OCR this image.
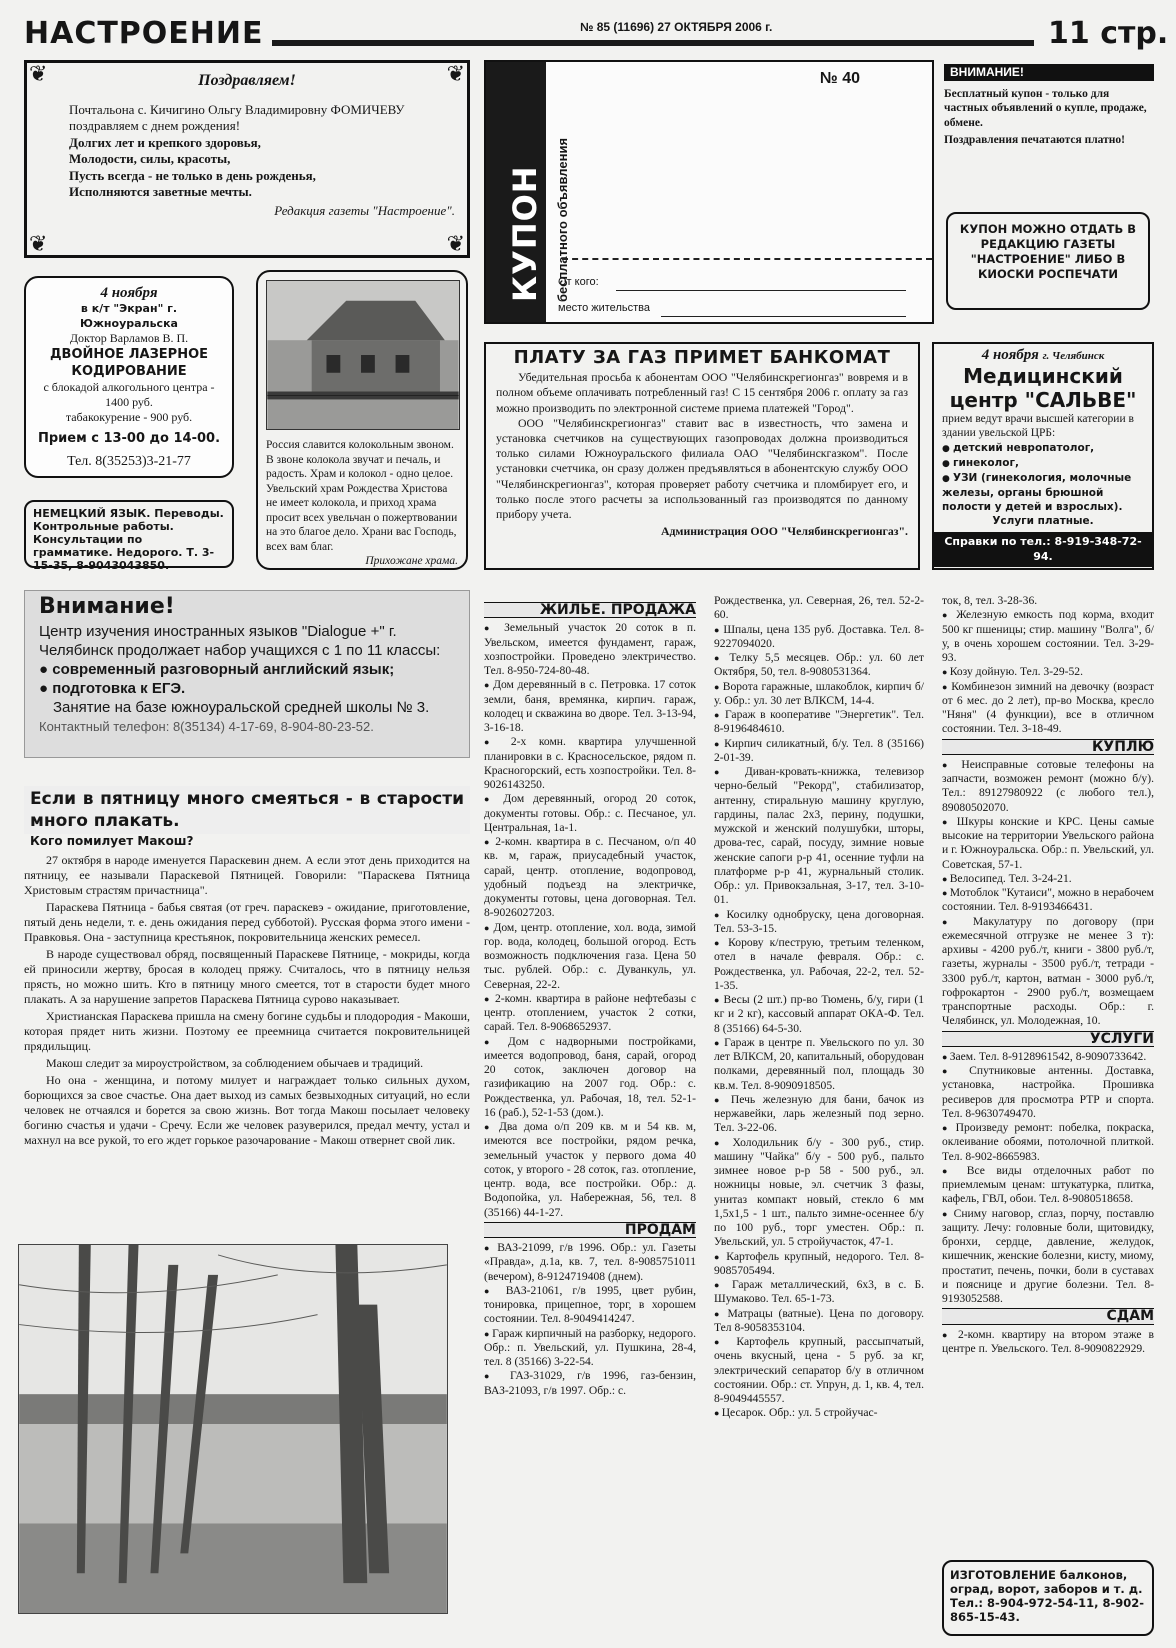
НАСТРОЕНИЕ	№ 85 (11696) 27 ОКТЯБРЯ 2006 г.	11 стр.
❦	❦
❦	❦
Поздравляем!
Почтальона с. Кичигино Ольгу Владимировну ФОМИЧЕВУ
поздравляем с днем рождения!
Долгих лет и крепкого здоровья,
Молодости, силы, красоты,
Пусть всегда - не только в день рожденья,
Исполняются заветные мечты.
Редакция газеты "Настроение".
4 ноября
в к/т "Экран" г. Южноуральска
Доктор Варламов В. П.
ДВОЙНОЕ ЛАЗЕРНОЕ КОДИРОВАНИЕ
с блокадой алкогольного центра - 1400 руб.
табакокурение - 900 руб.
Прием с 13-00 до 14-00.
Тел. 8(35253)3-21-77
НЕМЕЦКИЙ ЯЗЫК. Переводы. Контрольные работы. Консультации по грамматике. Недорого. Т. 3-15-35, 8-9043043850.
Россия славится колокольным звоном. В звоне колокола звучат и печаль, и радость. Храм и колокол - одно целое. Увельский храм Рождества Христова не имеет колокола, и приход храма просит всех увельчан о пожертвовании на это благое дело. Храни вас Господь, всех вам благ.
Прихожане храма.
КУПОН бесплатного объявления
№ 40
От кого:
место жительства
ВНИМАНИЕ!
Бесплатный купон - только для частных объявлений о купле, продаже, обмене.
Поздравления печатаются платно!
КУПОН МОЖНО ОТДАТЬ В РЕДАКЦИЮ ГАЗЕТЫ "НАСТРОЕНИЕ" ЛИБО В КИОСКИ РОСПЕЧАТИ
ПЛАТУ ЗА ГАЗ ПРИМЕТ БАНКОМАТ

Убедительная просьба к абонентам ООО "Челябинскрегионгаз" вовремя и в полном объеме оплачивать потребленный газ! С 15 сентября 2006 г. оплату за газ можно производить по электронной системе приема платежей "Город".

ООО "Челябинскрегионгаз" ставит вас в известность, что замена и установка счетчиков на существующих газопроводах должна производиться только силами Южноуральского филиала ОАО "Челябинскгазком". После установки счетчика, он сразу должен предъявляться в абонентскую службу ООО "Челябинскрегионгаз", которая проверяет работу счетчика и пломбирует его, и только после этого расчеты за использованный газ производятся по данному прибору учета.

Администрация ООО "Челябинскрегионгаз".
4 ноября г. Челябинск
Медицинский
центр "САЛЬВЕ"
прием ведут врачи высшей категории в здании увельской ЦРБ:
● детский невропатолог,
● гинеколог,
● УЗИ (гинекология, молочные железы, органы брюшной полости у детей и взрослых).
Услуги платные.
Справки по тел.: 8-919-348-72-94.
Внимание!
Центр изучения иностранных языков "Dialogue +" г. Челябинск продолжает набор учащихся с 1 по 11 классы:
● современный разговорный английский язык;
● подготовка к ЕГЭ.
Занятие на базе южноуральской средней школы № 3.
Контактный телефон: 8(35134) 4-17-69, 8-904-80-23-52.
Если в пятницу много смеяться - в старости много плакать.
Кого помилует Макош?

27 октября в народе именуется Параскевин днем. А если этот день приходится на пятницу, ее называли Параскевой Пятницей. Говорили: "Параскева Пятница Христовым страстям причастница".

Параскева Пятница - бабья святая (от греч. параскевэ - ожидание, приготовление, пятый день недели, т. е. день ожидания перед субботой). Русская форма этого имени - Правковья. Она - заступница крестьянок, покровительница женских ремесел.

В народе существовал обряд, посвященный Параскеве Пятнице, - мокриды, когда ей приносили жертву, бросая в колодец пряжу. Считалось, что в пятницу нельзя прясть, но можно шить. Кто в пятницу много смеется, тот в старости будет много плакать. А за нарушение запретов Параскева Пятница сурово наказывает.

Христианская Параскева пришла на смену богине судьбы и плодородия - Макоши, которая прядет нить жизни. Поэтому ее преемница считается покровительницей прядильщиц.

Макош следит за мироустройством, за соблюдением обычаев и традиций.

Но она - женщина, и потому милует и награждает только сильных духом, борющихся за свое счастье. Она дает выход из самых безвыходных ситуаций, но если человек не отчаялся и борется за свою жизнь. Вот тогда Макош посылает человеку богиню счастья и удачи - Сречу. Если же человек разуверился, предал мечту, устал и махнул на все рукой, то его ждет горькое разочарование - Макош отвернет свой лик.

ЖИЛЬЕ. ПРОДАЖА
● Земельный участок 20 соток в п. Увельском, имеется фундамент, гараж, хозпостройки. Проведено электричество. Тел. 8-950-724-80-48.
● Дом деревянный в с. Петровка. 17 соток земли, баня, времянка, кирпич. гараж, колодец и скважина во дворе. Тел. 3-13-94, 3-16-18.
● 2-х комн. квартира улучшенной планировки в с. Красносельское, рядом п. Красногорский, есть хозпостройки. Тел. 8-9026143250.
● Дом деревянный, огород 20 соток, документы готовы. Обр.: с. Песчаное, ул. Центральная, 1а-1.
● 2-комн. квартира в с. Песчаном, о/п 40 кв. м, гараж, приусадебный участок, сарай, центр. отопление, водопровод, удобный подъезд на электричке, документы готовы, цена договорная. Тел. 8-9026027203.
● Дом, центр. отопление, хол. вода, зимой гор. вода, колодец, большой огород. Есть возможность подключения газа. Цена 50 тыс. рублей. Обр.: с. Дуванкуль, ул. Северная, 22-2.
● 2-комн. квартира в районе нефтебазы с центр. отоплением, участок 2 сотки, сарай. Тел. 8-9068652937.
● Дом с надворными постройками, имеется водопровод, баня, сарай, огород 20 соток, заключен договор на газификацию на 2007 год. Обр.: с. Рождественка, ул. Рабочая, 18, тел. 52-1-16 (раб.), 52-1-53 (дом.).
● Два дома о/п 209 кв. м и 54 кв. м, имеются все постройки, рядом речка, земельный участок у первого дома 40 соток, у второго - 28 соток, газ. отопление, центр. вода, все постройки. Обр.: д. Водопойка, ул. Набережная, 56, тел. 8 (35166) 44-1-27.
ПРОДАМ
● ВАЗ-21099, г/в 1996. Обр.: ул. Газеты «Правда», д.1а, кв. 7, тел. 8-9085751011 (вечером), 8-9124719408 (днем).
● ВАЗ-21061, г/в 1995, цвет рубин, тонировка, прицепное, торг, в хорошем состоянии. Тел. 8-9049414247.
● Гараж кирпичный на разборку, недорого. Обр.: п. Увельский, ул. Пушкина, 28-4, тел. 8 (35166) 3-22-54.
● ГАЗ-31029, г/в 1996, газ-бензин, ВАЗ-21093, г/в 1997. Обр.: с.
Рождественка, ул. Северная, 26, тел. 52-2-60.
● Шпалы, цена 135 руб. Доставка. Тел. 8-9227094020.
● Телку 5,5 месяцев. Обр.: ул. 60 лет Октября, 50, тел. 8-9080531364.
● Ворота гаражные, шлакоблок, кирпич б/у. Обр.: ул. 30 лет ВЛКСМ, 14-4.
● Гараж в кооперативе "Энергетик". Тел. 8-9196484610.
● Кирпич силикатный, б/у. Тел. 8 (35166) 2-01-39.
● Диван-кровать-книжка, телевизор черно-белый "Рекорд", стабилизатор, антенну, стиральную машину круглую, гардины, палас 2х3, перину, подушки, мужской и женский полушубки, шторы, дрова-тес, сарай, посуду, зимние новые женские сапоги р-р 41, осенние туфли на платформе р-р 41, журнальный столик. Обр.: ул. Привокзальная, 3-17, тел. 3-10-01.
● Косилку однобруску, цена договорная. Тел. 53-3-15.
● Корову к/пеструю, третьим теленком, отел в начале февраля. Обр.: с. Рождественка, ул. Рабочая, 22-2, тел. 52-1-35.
● Весы (2 шт.) пр-во Тюмень, б/у, гири (1 кг и 2 кг), кассовый аппарат ОКА-Ф. Тел. 8 (35166) 64-5-30.
● Гараж в центре п. Увельского по ул. 30 лет ВЛКСМ, 20, капитальный, оборудован полками, деревянный пол, площадь 30 кв.м. Тел. 8-9090918505.
● Печь железную для бани, бачок из нержавейки, ларь железный под зерно. Тел. 3-22-06.
● Холодильник б/у - 300 руб., стир. машину "Чайка" б/у - 500 руб., пальто зимнее новое р-р 58 - 500 руб., эл. ножницы новые, эл. счетчик 3 фазы, унитаз компакт новый, стекло 6 мм 1,5х1,5 - 1 шт., пальто зимне-осеннее б/у по 100 руб., торг уместен. Обр.: п. Увельский, ул. 5 стройучасток, 47-1.
● Картофель крупный, недорого. Тел. 8-9085705494.
● Гараж металлический, 6х3, в с. Б. Шумаково. Тел. 65-1-73.
● Матрацы (ватные). Цена по договору. Тел 8-9058353104.
● Картофель крупный, рассыпчатый, очень вкусный, цена - 5 руб. за кг, электрический сепаратор б/у в отличном состоянии. Обр.: ст. Упрун, д. 1, кв. 4, тел. 8-9049445557.
● Цесарок. Обр.: ул. 5 стройучас-
ток, 8, тел. 3-28-36.
● Железную емкость под корма, входит 500 кг пшеницы; стир. машину "Волга", б/у, в очень хорошем состоянии. Тел. 3-29-93.
● Козу дойную. Тел. 3-29-52.
● Комбинезон зимний на девочку (возраст от 6 мес. до 2 лет), пр-во Москва, кресло "Няня" (4 функции), все в отличном состоянии. Тел. 3-18-49.
КУПЛЮ
● Неисправные сотовые телефоны на запчасти, возможен ремонт (можно б/у). Тел.: 89127980922 (с любого тел.), 89080502070.
● Шкуры конские и КРС. Цены самые высокие на территории Увельского района и г. Южноуральска. Обр.: п. Увельский, ул. Советская, 57-1.
● Велосипед. Тел. 3-24-21.
● Мотоблок "Кутаиси", можно в нерабочем состоянии. Тел. 8-9193466431.
● Макулатуру по договору (при ежемесячной отгрузке не менее 3 т): архивы - 4200 руб./т, книги - 3800 руб./т, газеты, журналы - 3500 руб./т, тетради - 3300 руб./т, картон, ватман - 3000 руб./т, гофрокартон - 2900 руб./т, возмещаем транспортные расходы. Обр.: г. Челябинск, ул. Молодежная, 10.
УСЛУГИ
● Заем. Тел. 8-9128961542, 8-9090733642.
● Спутниковые антенны. Доставка, установка, настройка. Прошивка ресиверов для просмотра РТР и спорта. Тел. 8-9630749470.
● Произведу ремонт: побелка, покраска, оклеивание обоями, потолочной плиткой. Тел. 8-902-8665983.
● Все виды отделочных работ по приемлемым ценам: штукатурка, плитка, кафель, ГВЛ, обои. Тел. 8-9080518658.
● Сниму наговор, сглаз, порчу, поставлю защиту. Лечу: головные боли, щитовидку, бронхи, сердце, давление, желудок, кишечник, женские болезни, кисту, миому, простатит, печень, почки, боли в суставах и пояснице и другие болезни. Тел. 8-9193052588.
СДАМ
● 2-комн. квартиру на втором этаже в центре п. Увельского. Тел. 8-9090822929.
ИЗГОТОВЛЕНИЕ балконов, оград, ворот, заборов и т. д. Тел.: 8-904-972-54-11, 8-902-865-15-43.
